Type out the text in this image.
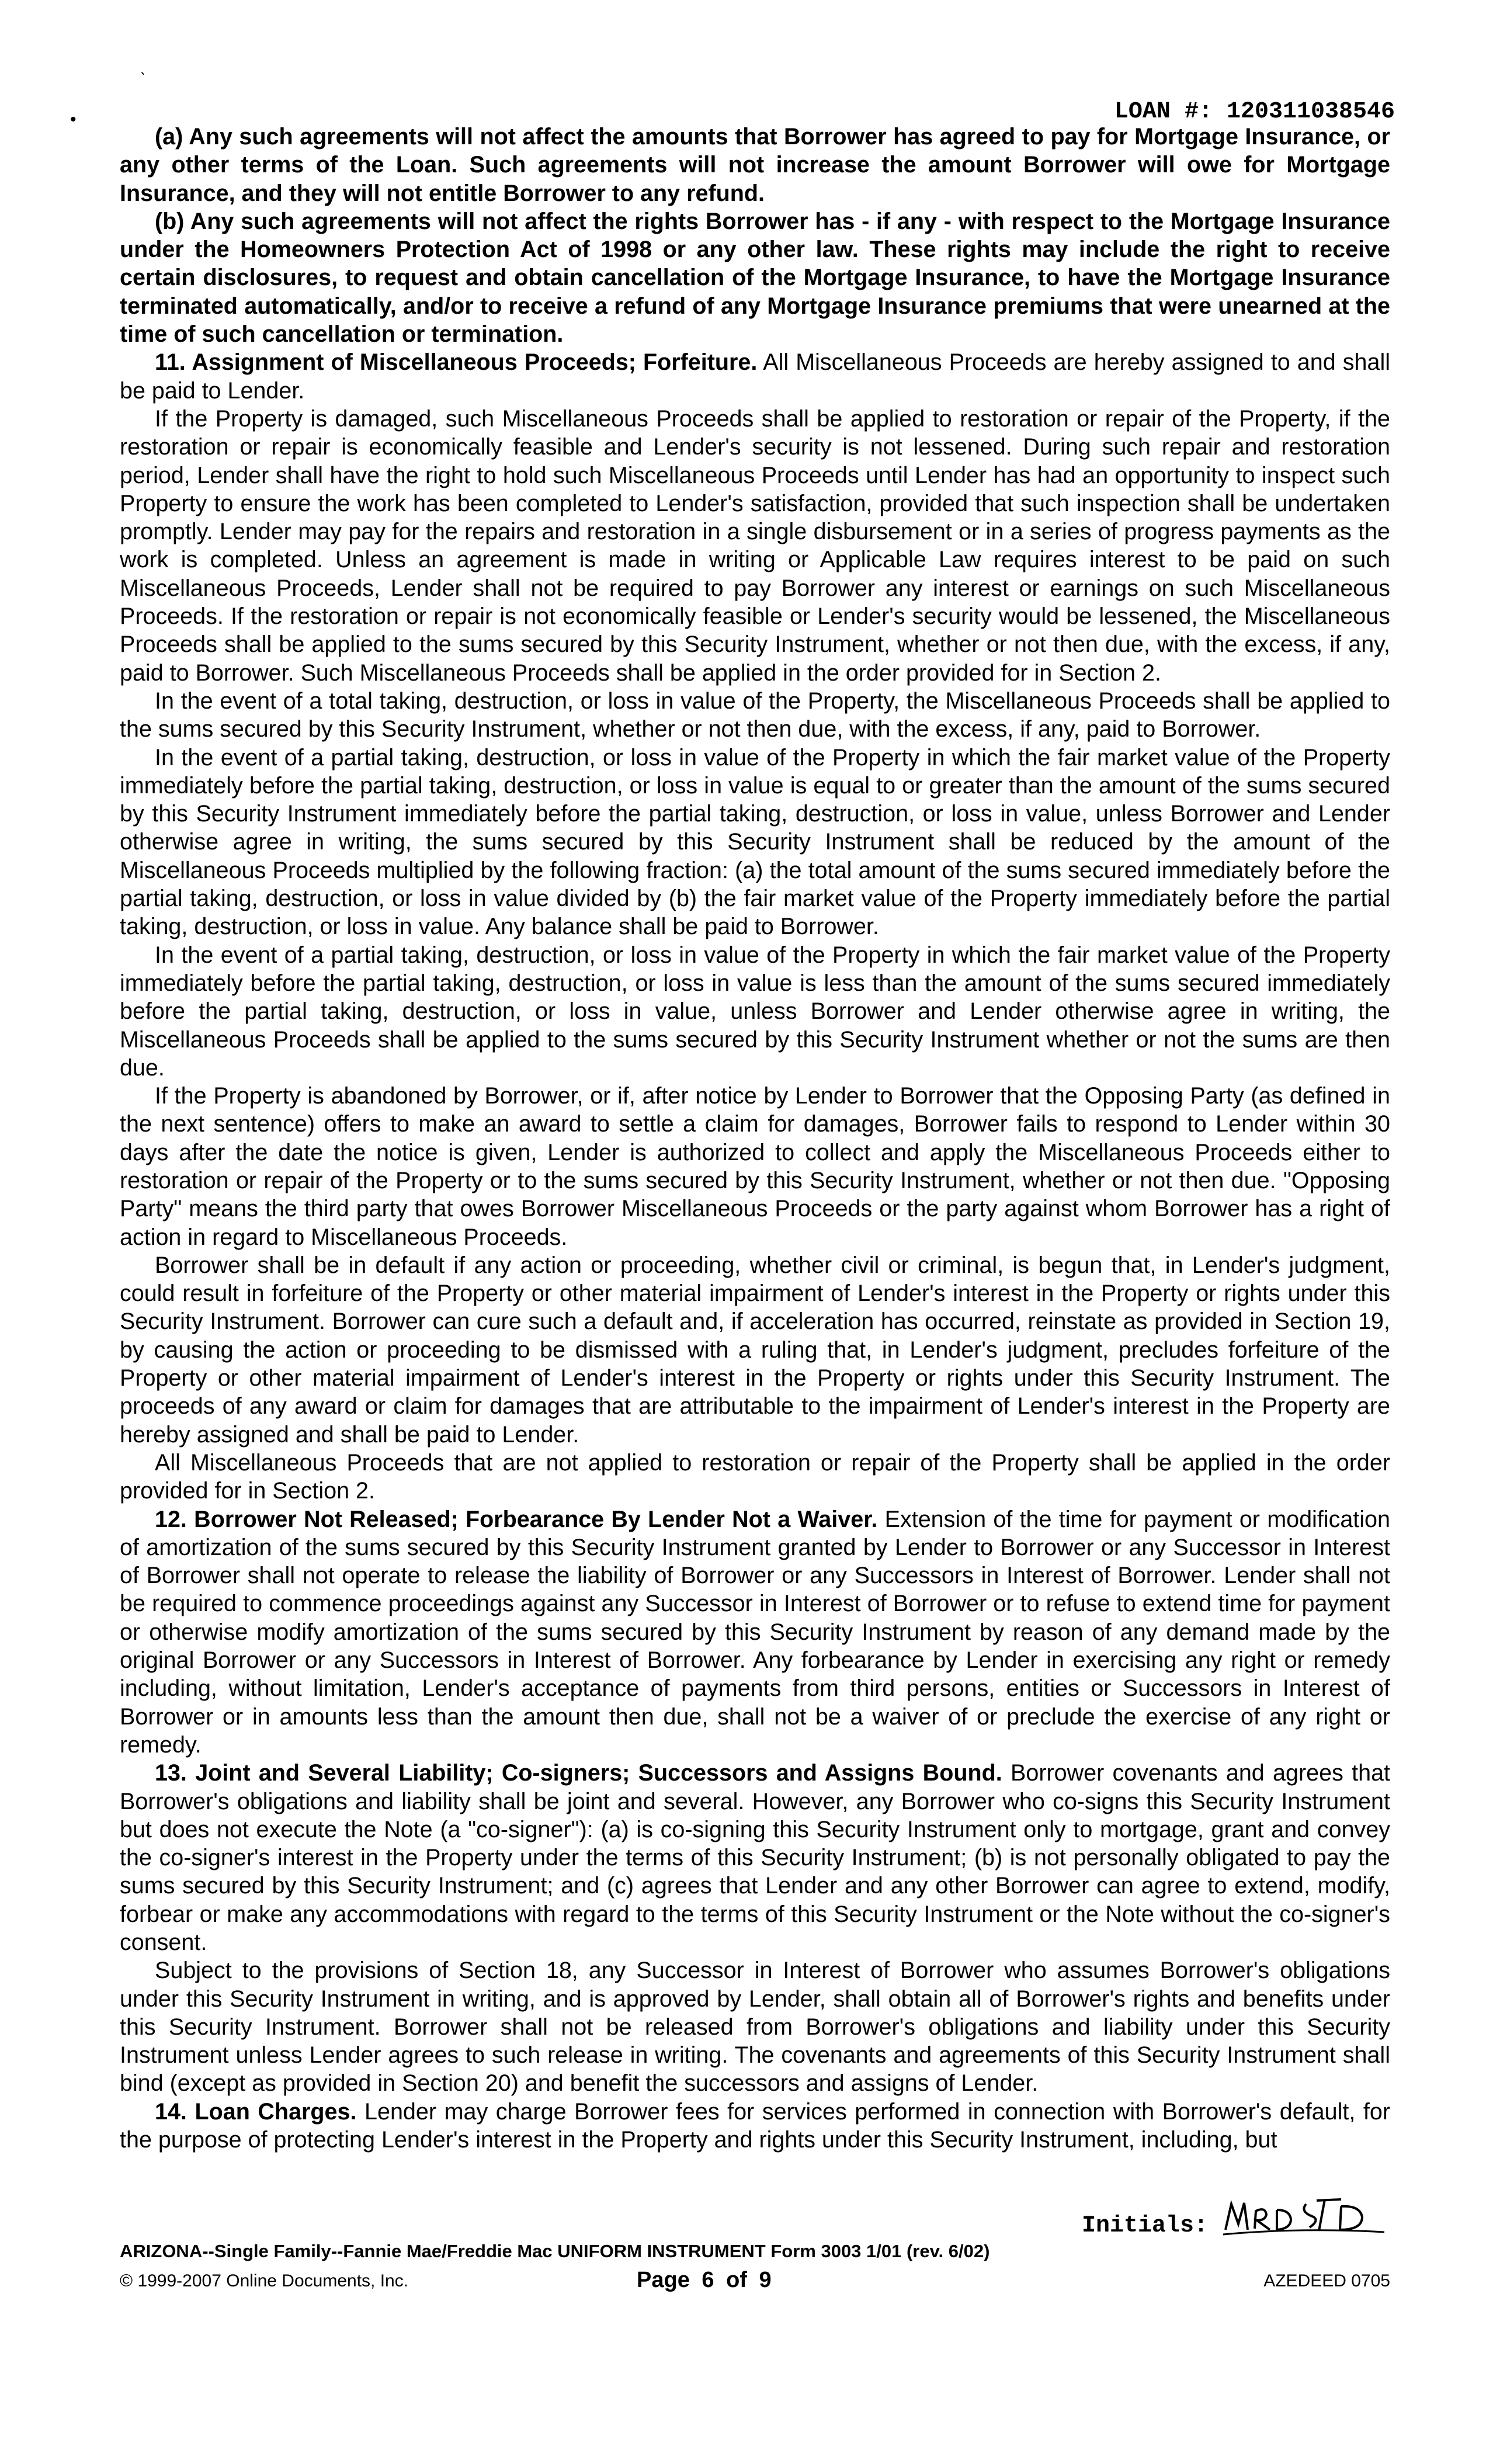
ˎ
•	LOAN #: 120311038546

(a) Any such agreements will not affect the amounts that Borrower has agreed to pay for Mortgage Insurance, or any other terms of the Loan. Such agreements will not increase the amount Borrower will owe for Mortgage Insurance, and they will not entitle Borrower to any refund.

(b) Any such agreements will not affect the rights Borrower has - if any - with respect to the Mortgage Insurance under the Homeowners Protection Act of 1998 or any other law. These rights may include the right to receive certain disclosures, to request and obtain cancellation of the Mortgage Insurance, to have the Mortgage Insurance terminated automatically, and/or to receive a refund of any Mortgage Insurance premiums that were unearned at the time of such cancellation or termination.

11. Assignment of Miscellaneous Proceeds; Forfeiture. All Miscellaneous Proceeds are hereby assigned to and shall be paid to Lender.

If the Property is damaged, such Miscellaneous Proceeds shall be applied to restoration or repair of the Property, if the restoration or repair is economically feasible and Lender's security is not lessened. During such repair and restoration period, Lender shall have the right to hold such Miscellaneous Proceeds until Lender has had an opportunity to inspect such Property to ensure the work has been completed to Lender's satisfaction, provided that such inspection shall be undertaken promptly. Lender may pay for the repairs and restoration in a single disbursement or in a series of progress payments as the work is completed. Unless an agreement is made in writing or Applicable Law requires interest to be paid on such Miscellaneous Proceeds, Lender shall not be required to pay Borrower any interest or earnings on such Miscellaneous Proceeds. If the restoration or repair is not economically feasible or Lender's security would be lessened, the Miscellaneous Proceeds shall be applied to the sums secured by this Security Instrument, whether or not then due, with the excess, if any, paid to Borrower. Such Miscellaneous Proceeds shall be applied in the order provided for in Section 2.

In the event of a total taking, destruction, or loss in value of the Property, the Miscellaneous Proceeds shall be applied to the sums secured by this Security Instrument, whether or not then due, with the excess, if any, paid to Borrower.

In the event of a partial taking, destruction, or loss in value of the Property in which the fair market value of the Property immediately before the partial taking, destruction, or loss in value is equal to or greater than the amount of the sums secured by this Security Instrument immediately before the partial taking, destruction, or loss in value, unless Borrower and Lender otherwise agree in writing, the sums secured by this Security Instrument shall be reduced by the amount of the Miscellaneous Proceeds multiplied by the following fraction: (a) the total amount of the sums secured immediately before the partial taking, destruction, or loss in value divided by (b) the fair market value of the Property immediately before the partial taking, destruction, or loss in value. Any balance shall be paid to Borrower.

In the event of a partial taking, destruction, or loss in value of the Property in which the fair market value of the Property immediately before the partial taking, destruction, or loss in value is less than the amount of the sums secured immediately before the partial taking, destruction, or loss in value, unless Borrower and Lender otherwise agree in writing, the Miscellaneous Proceeds shall be applied to the sums secured by this Security Instrument whether or not the sums are then due.

If the Property is abandoned by Borrower, or if, after notice by Lender to Borrower that the Opposing Party (as defined in the next sentence) offers to make an award to settle a claim for damages, Borrower fails to respond to Lender within 30 days after the date the notice is given, Lender is authorized to collect and apply the Miscellaneous Proceeds either to restoration or repair of the Property or to the sums secured by this Security Instrument, whether or not then due. "Opposing Party" means the third party that owes Borrower Miscellaneous Proceeds or the party against whom Borrower has a right of action in regard to Miscellaneous Proceeds.

Borrower shall be in default if any action or proceeding, whether civil or criminal, is begun that, in Lender's judgment, could result in forfeiture of the Property or other material impairment of Lender's interest in the Property or rights under this Security Instrument. Borrower can cure such a default and, if acceleration has occurred, reinstate as provided in Section 19, by causing the action or proceeding to be dismissed with a ruling that, in Lender's judgment, precludes forfeiture of the Property or other material impairment of Lender's interest in the Property or rights under this Security Instrument. The proceeds of any award or claim for damages that are attributable to the impairment of Lender's interest in the Property are hereby assigned and shall be paid to Lender.

All Miscellaneous Proceeds that are not applied to restoration or repair of the Property shall be applied in the order provided for in Section 2.

12. Borrower Not Released; Forbearance By Lender Not a Waiver. Extension of the time for payment or modification of amortization of the sums secured by this Security Instrument granted by Lender to Borrower or any Successor in Interest of Borrower shall not operate to release the liability of Borrower or any Successors in Interest of Borrower. Lender shall not be required to commence proceedings against any Successor in Interest of Borrower or to refuse to extend time for payment or otherwise modify amortization of the sums secured by this Security Instrument by reason of any demand made by the original Borrower or any Successors in Interest of Borrower. Any forbearance by Lender in exercising any right or remedy including, without limitation, Lender's acceptance of payments from third persons, entities or Successors in Interest of Borrower or in amounts less than the amount then due, shall not be a waiver of or preclude the exercise of any right or remedy.

13. Joint and Several Liability; Co-signers; Successors and Assigns Bound. Borrower covenants and agrees that Borrower's obligations and liability shall be joint and several. However, any Borrower who co-signs this Security Instrument but does not execute the Note (a "co-signer"): (a) is co-signing this Security Instrument only to mortgage, grant and convey the co-signer's interest in the Property under the terms of this Security Instrument; (b) is not personally obligated to pay the sums secured by this Security Instrument; and (c) agrees that Lender and any other Borrower can agree to extend, modify, forbear or make any accommodations with regard to the terms of this Security Instrument or the Note without the co-signer's consent.

Subject to the provisions of Section 18, any Successor in Interest of Borrower who assumes Borrower's obligations under this Security Instrument in writing, and is approved by Lender, shall obtain all of Borrower's rights and benefits under this Security Instrument. Borrower shall not be released from Borrower's obligations and liability under this Security Instrument unless Lender agrees to such release in writing. The covenants and agreements of this Security Instrument shall bind (except as provided in Section 20) and benefit the successors and assigns of Lender.

14. Loan Charges. Lender may charge Borrower fees for services performed in connection with Borrower's default, for the purpose of protecting Lender's interest in the Property and rights under this Security Instrument, including, but

Initials:
ARIZONA--Single Family--Fannie Mae/Freddie Mac UNIFORM INSTRUMENT Form 3003 1/01 (rev. 6/02)
© 1999-2007 Online Documents, Inc.	Page 6 of 9	AZEDEED 0705
